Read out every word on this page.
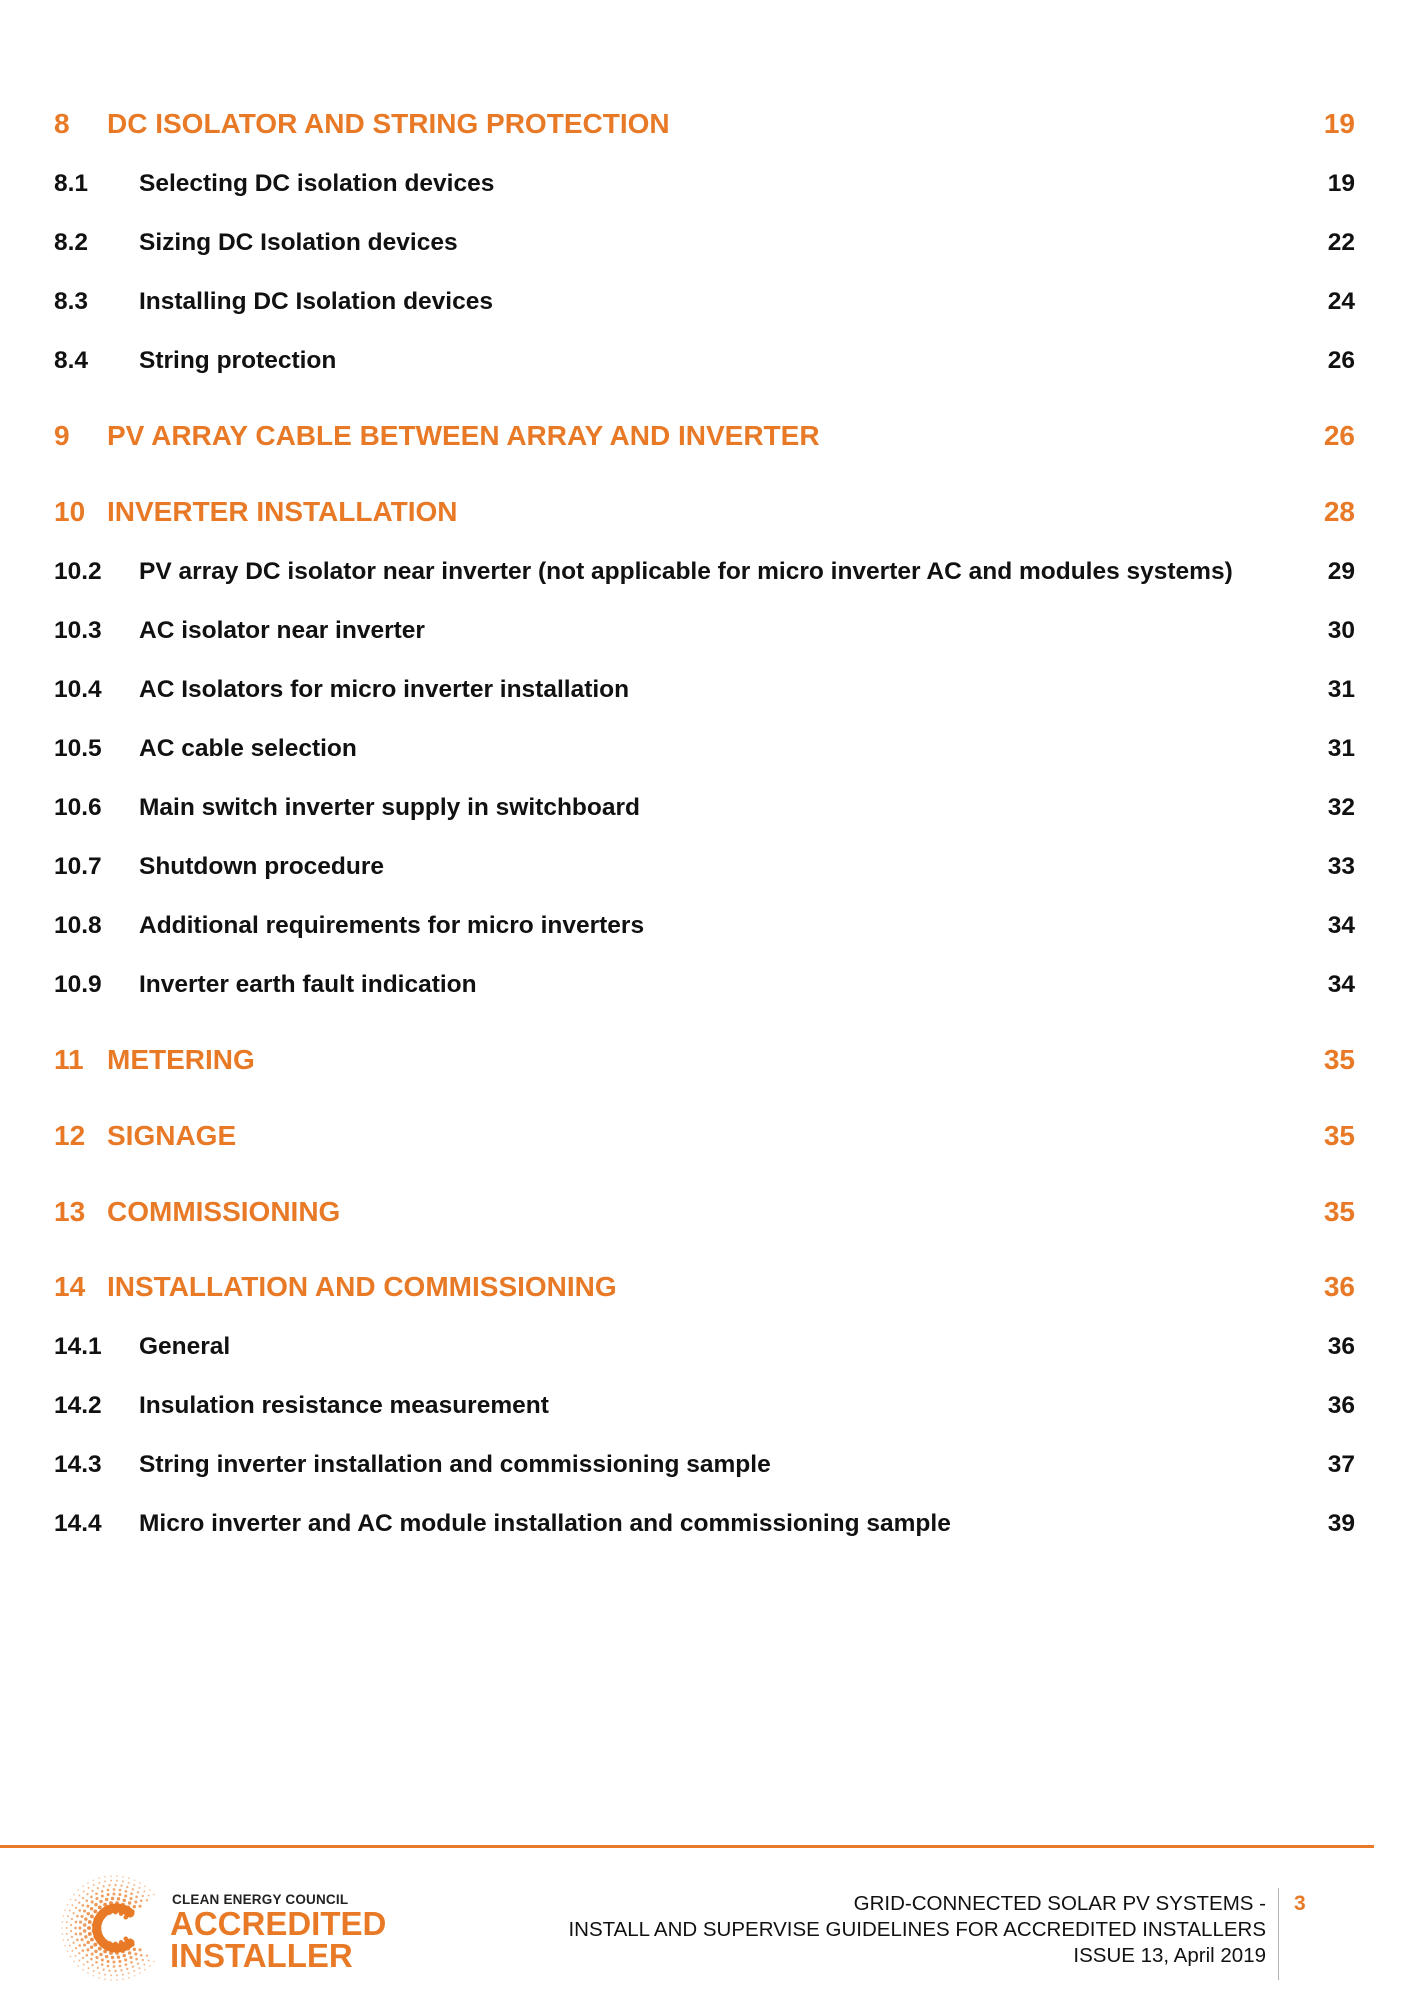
8 DC ISOLATOR AND STRING PROTECTION	19
8.1 Selecting DC isolation devices	19
8.2 Sizing DC Isolation devices	22
8.3 Installing DC Isolation devices	24
8.4 String protection	26
9 PV ARRAY CABLE BETWEEN ARRAY AND INVERTER	26
10 INVERTER INSTALLATION	28
10.2 PV array DC isolator near inverter (not applicable for micro inverter AC and modules systems)	29
10.3 AC isolator near inverter	30
10.4 AC Isolators for micro inverter installation	31
10.5 AC cable selection	31
10.6 Main switch inverter supply in switchboard	32
10.7 Shutdown procedure	33
10.8 Additional requirements for micro inverters	34
10.9 Inverter earth fault indication	34
11 METERING	35
12 SIGNAGE	35
13 COMMISSIONING	35
14 INSTALLATION AND COMMISSIONING	36
14.1 General	36
14.2 Insulation resistance measurement	36
14.3 String inverter installation and commissioning sample	37
14.4 Micro inverter and AC module installation and commissioning sample	39
CLEAN ENERGY COUNCIL
ACCREDITED
INSTALLER
GRID-CONNECTED SOLAR PV SYSTEMS -
INSTALL AND SUPERVISE GUIDELINES FOR ACCREDITED INSTALLERS
ISSUE 13, April 2019
3
